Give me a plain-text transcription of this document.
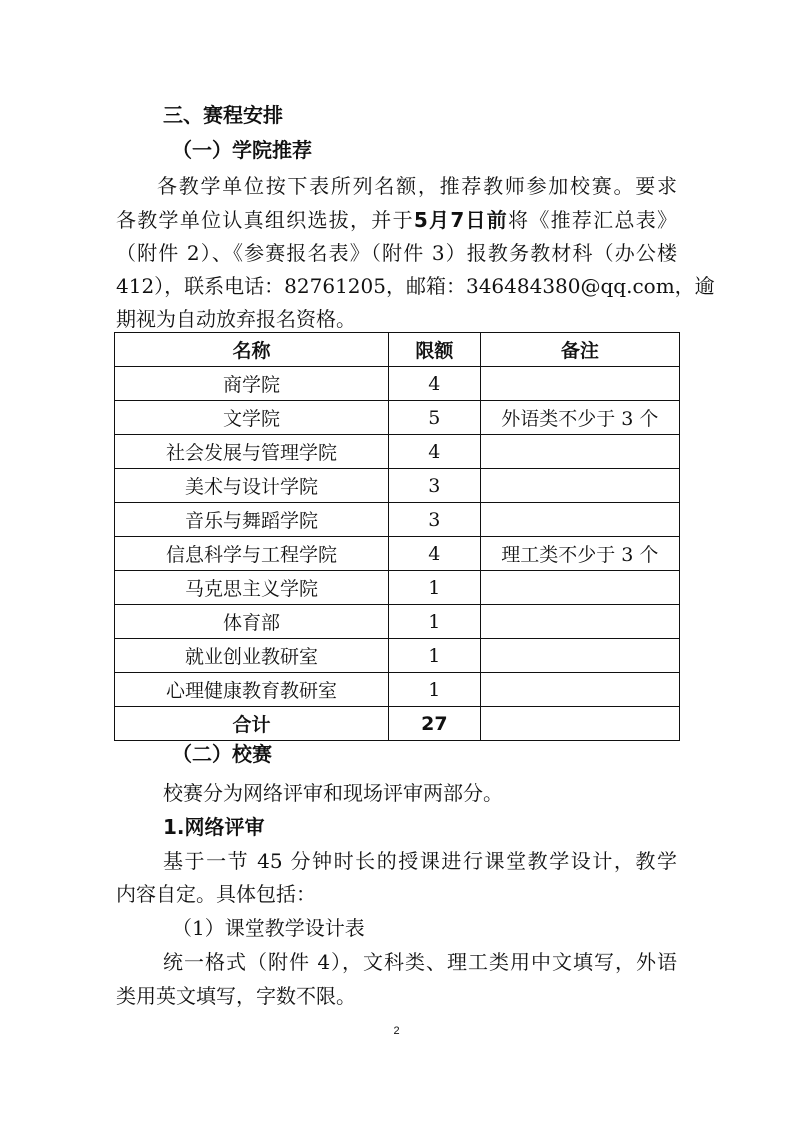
三、赛程安排
（一）学院推荐
各教学单位按下表所列名额，推荐教师参加校赛。要求
各教学单位认真组织选拔，并于5月7日前将《推荐汇总表》
（附件 2）、《参赛报名表》（附件 3）报教务教材科（办公楼
412），联系电话：82761205，邮箱：346484380@qq.com，逾
期视为自动放弃报名资格。
名称	限额	备注
商学院	4	
文学院	5	外语类不少于 3 个
社会发展与管理学院	4	
美术与设计学院	3	
音乐与舞蹈学院	3	
信息科学与工程学院	4	理工类不少于 3 个
马克思主义学院	1	
体育部	1	
就业创业教研室	1	
心理健康教育教研室	1	
合计	27	
（二）校赛
校赛分为网络评审和现场评审两部分。
1.网络评审
基于一节 45 分钟时长的授课进行课堂教学设计，教学
内容自定。具体包括：
（1）课堂教学设计表
统一格式（附件 4），文科类、理工类用中文填写，外语
类用英文填写，字数不限。
2
